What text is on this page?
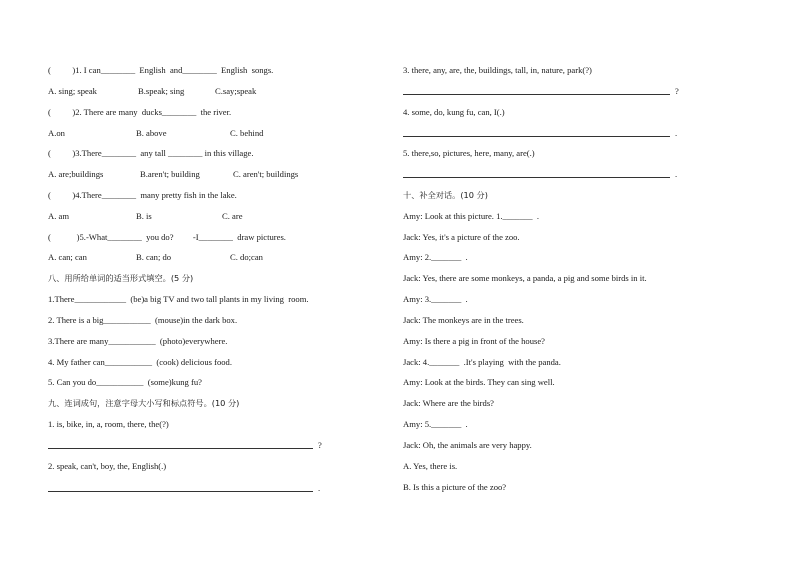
(          )1. I can________  English  and________  English  songs.
A. sing; speak	B.speak; sing	C.say;speak
(          )2. There are many  ducks________  the river.
A.on	B. above	C. behind
(          )3.There________  any tall ________ in this village.
A. are;buildings	B.aren't; building	C. aren't; buildings
(          )4.There________  many pretty fish in the lake.
A. am	B. is	C. are
(            )5.-What________  you do?         -I________  draw pictures.
A. can; can	B. can; do	C. do;can
八、用所给单词的适当形式填空。(5 分)
1.There____________  (be)a big TV and two tall plants in my living  room.
2. There is a big___________  (mouse)in the dark box.
3.There are many___________  (photo)everywhere.
4. My father can___________  (cook) delicious food.
5. Can you do___________  (some)kung fu?
九、连词成句，注意字母大小写和标点符号。(10 分)
1. is, bike, in, a, room, there, the(?)
?
2. speak, can't, boy, the, English(.)
.
3. there, any, are, the, buildings, tall, in, nature, park(?)
?
4. some, do, kung fu, can, I(.)
.
5. there,so, pictures, here, many, are(.)
.
十、补全对话。(10 分)
Amy: Look at this picture. 1._______  .
Jack: Yes, it's a picture of the zoo.
Amy: 2._______  .
Jack: Yes, there are some monkeys, a panda, a pig and some birds in it.
Amy: 3._______  .
Jack: The monkeys are in the trees.
Amy: Is there a pig in front of the house?
Jack: 4._______  .It's playing  with the panda.
Amy: Look at the birds. They can sing well.
Jack: Where are the birds?
Amy: 5._______  .
Jack: Oh, the animals are very happy.
A. Yes, there is.
B. Is this a picture of the zoo?
